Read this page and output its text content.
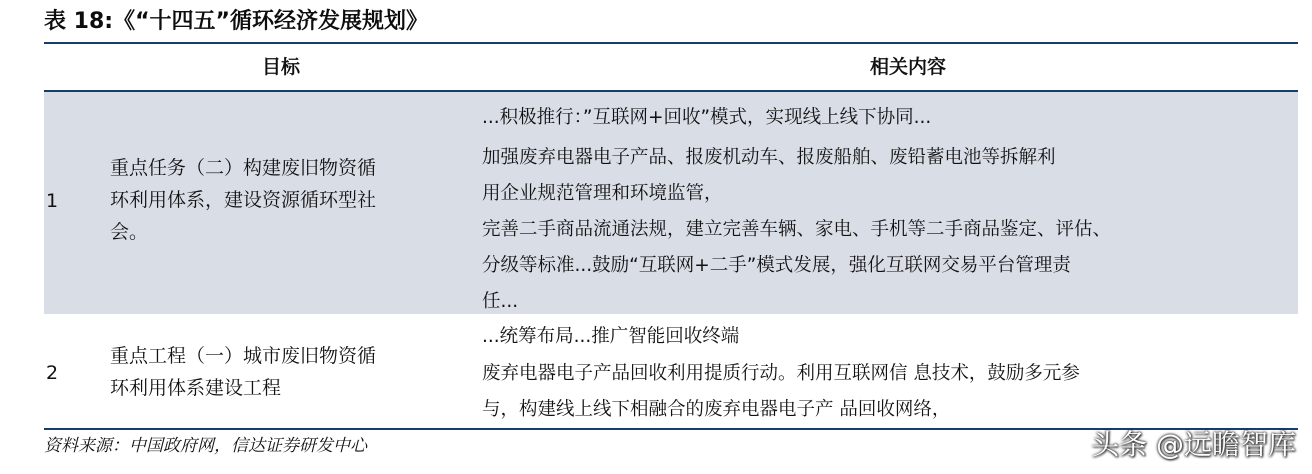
表 18:《“十四五”循环经济发展规划》
目标	相关内容
1
重点任务（二）构建废旧物资循
环利用体系，建设资源循环型社
会。

...积极推行：”互联网+回收”模式，实现线上线下协同...

加强废弃电器电子产品、报废机动车、报废船舶、废铅蓄电池等拆解利

用企业规范管理和环境监管，

完善二手商品流通法规，建立完善车辆、家电、手机等二手商品鉴定、评估、

分级等标准...鼓励“互联网+二手”模式发展，强化互联网交易平台管理责

任...

2
重点工程（一）城市废旧物资循
环利用体系建设工程

...统筹布局...推广智能回收终端

废弃电器电子产品回收利用提质行动。利用互联网信 息技术，鼓励多元参

与，构建线上线下相融合的废弃电器电子产 品回收网络，

资料来源：中国政府网，信达证券研发中心	头条 @远瞻智库
